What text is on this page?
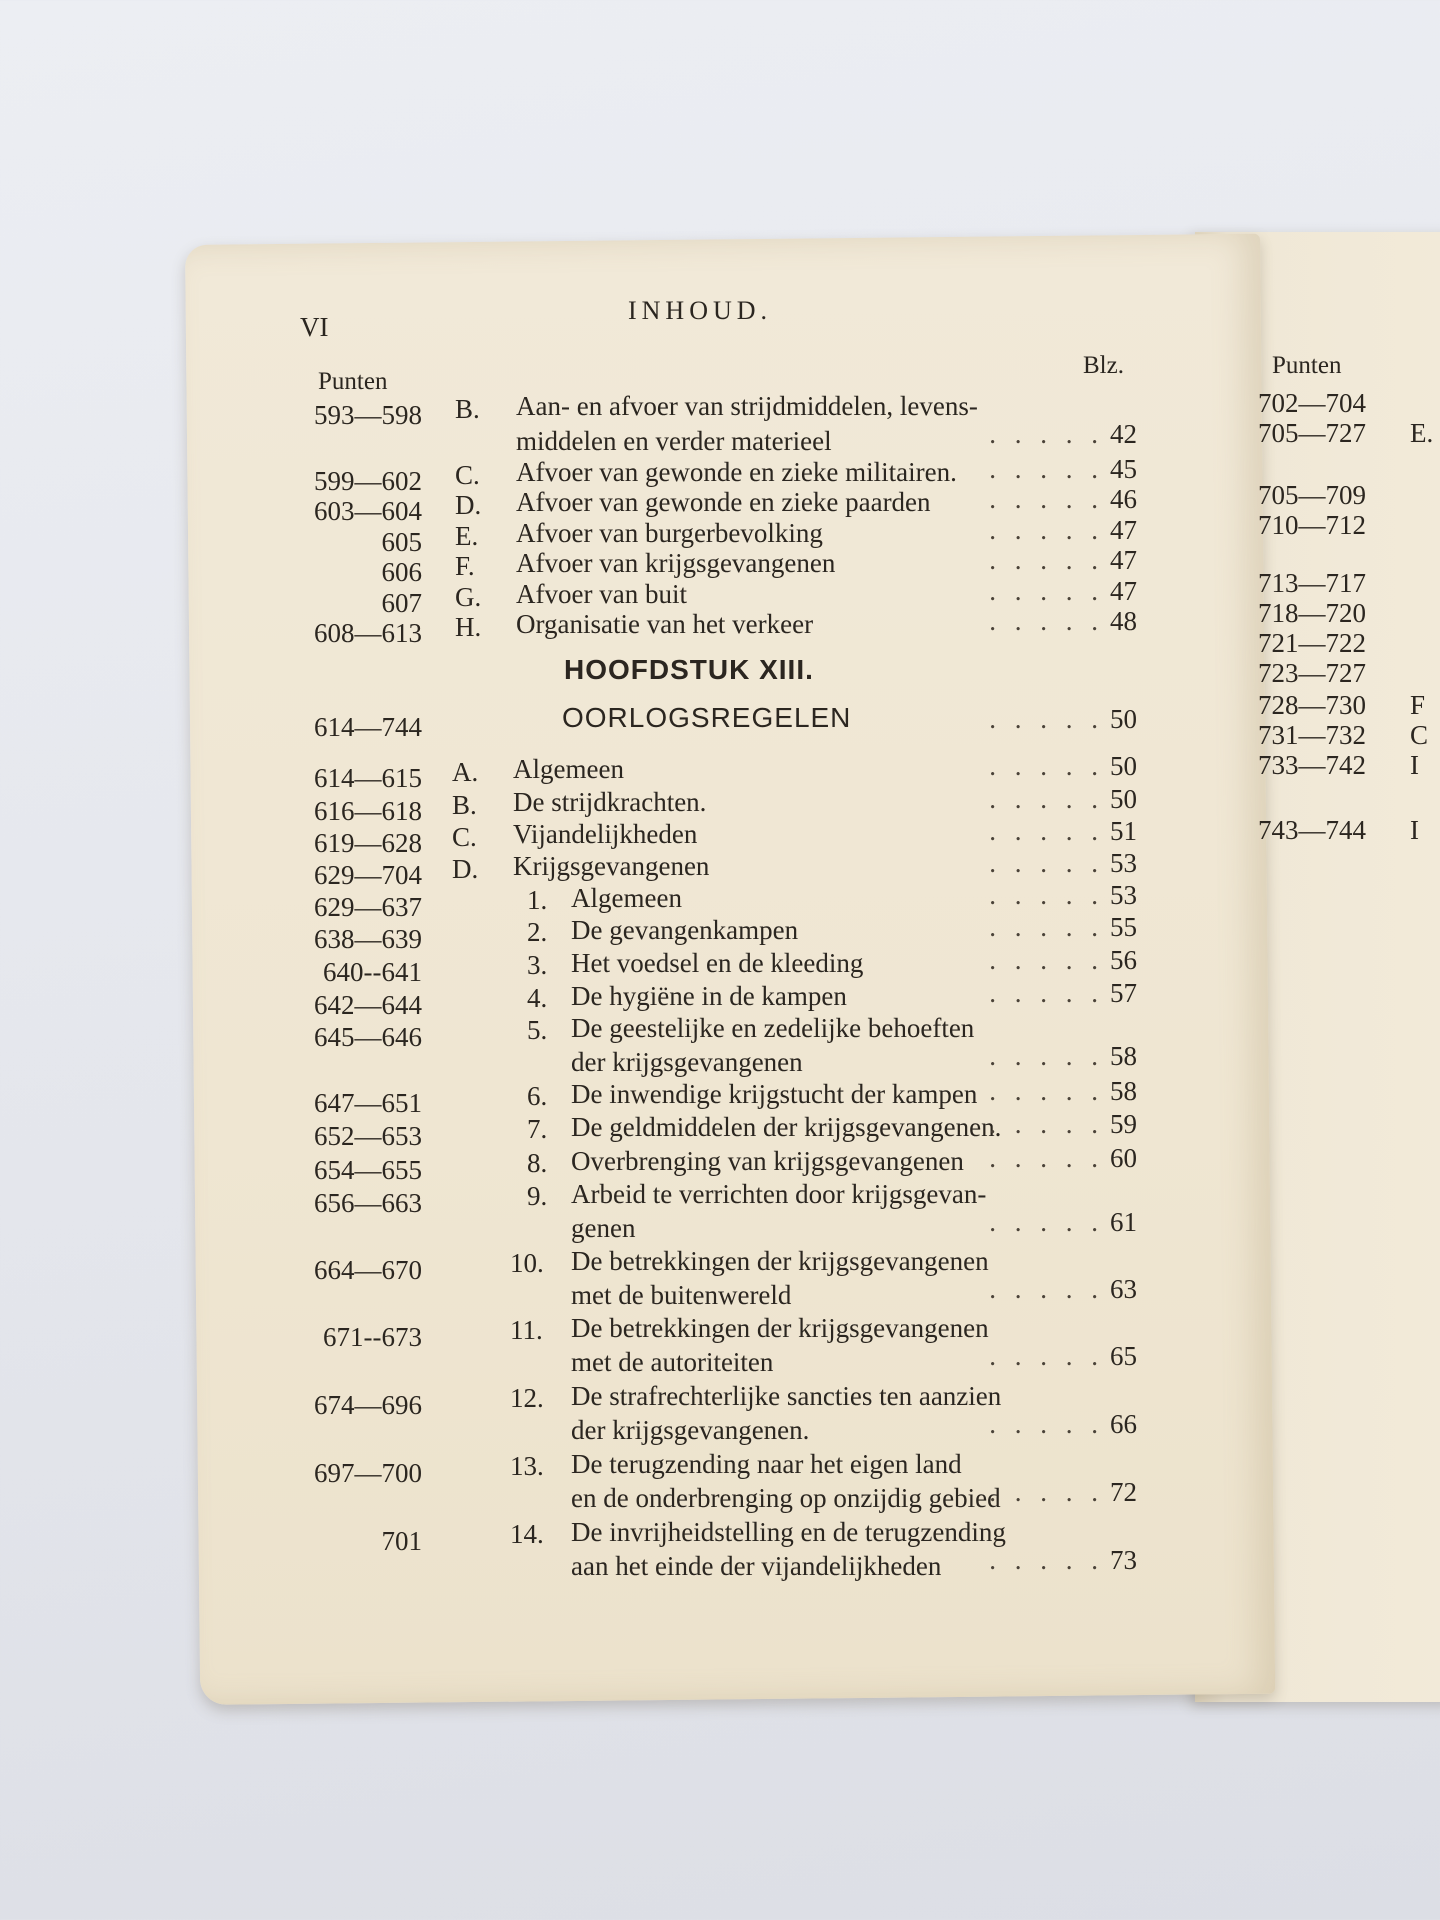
VI
INHOUD.
Punten
Blz.
593—598 B. Aan- en afvoer van strijdmiddelen, levens-
middelen en verder materieel	42
599—602 C. Afvoer van gewonde en zieke militairen.	45
603—604 D. Afvoer van gewonde en zieke paarden	46
605 E. Afvoer van burgerbevolking	47
606 F. Afvoer van krijgsgevangenen	47
607 G. Afvoer van buit	47
608—613 H. Organisatie van het verkeer	48
HOOFDSTUK XIII.
614—744	OORLOGSREGELEN	50
614—615 A. Algemeen	50
616—618 B. De strijdkrachten.	50
619—628 C. Vijandelijkheden	51
629—704 D. Krijgsgevangenen	53
629—637	1. Algemeen	53
638—639	2. De gevangenkampen	55
640--641	3. Het voedsel en de kleeding	56
642—644	4. De hygiëne in de kampen	57
645—646	5. De geestelijke en zedelijke behoeften
der krijgsgevangenen	58
647—651	6. De inwendige krijgstucht der kampen	58
652—653	7. De geldmiddelen der krijgsgevangenen.	59
654—655	8. Overbrenging van krijgsgevangenen	60
656—663	9. Arbeid te verrichten door krijgsgevan-
genen	61
664—670	10. De betrekkingen der krijgsgevangenen
met de buitenwereld	63
671--673	11. De betrekkingen der krijgsgevangenen
met de autoriteiten	65
674—696	12. De strafrechterlijke sancties ten aanzien
der krijgsgevangenen.	66
697—700	13. De terugzending naar het eigen land
en de onderbrenging op onzijdig gebied	72
701	14. De invrijheidstelling en de terugzending
aan het einde der vijandelijkheden	73
Punten
702—704
705—727 E.
705—709
710—712
713—717
718—720
721—722
723—727
728—730 F
731—732 C
733—742 I
743—744 I
. . . . .
. . . . .
. . . . .
. . . . .
. . . . .
. . . . .
. . . . .
. . . . .
. . . . .
. . . . .
. . . . .
. . . . .
. . . . .
. . . . .
. . . . .
. . . . .
. . . . .
. . . . .
. . . . .
. . . . .
. . . . .
. . . . .
. . . . .
. . . . .
. . . . .
. . . . .
